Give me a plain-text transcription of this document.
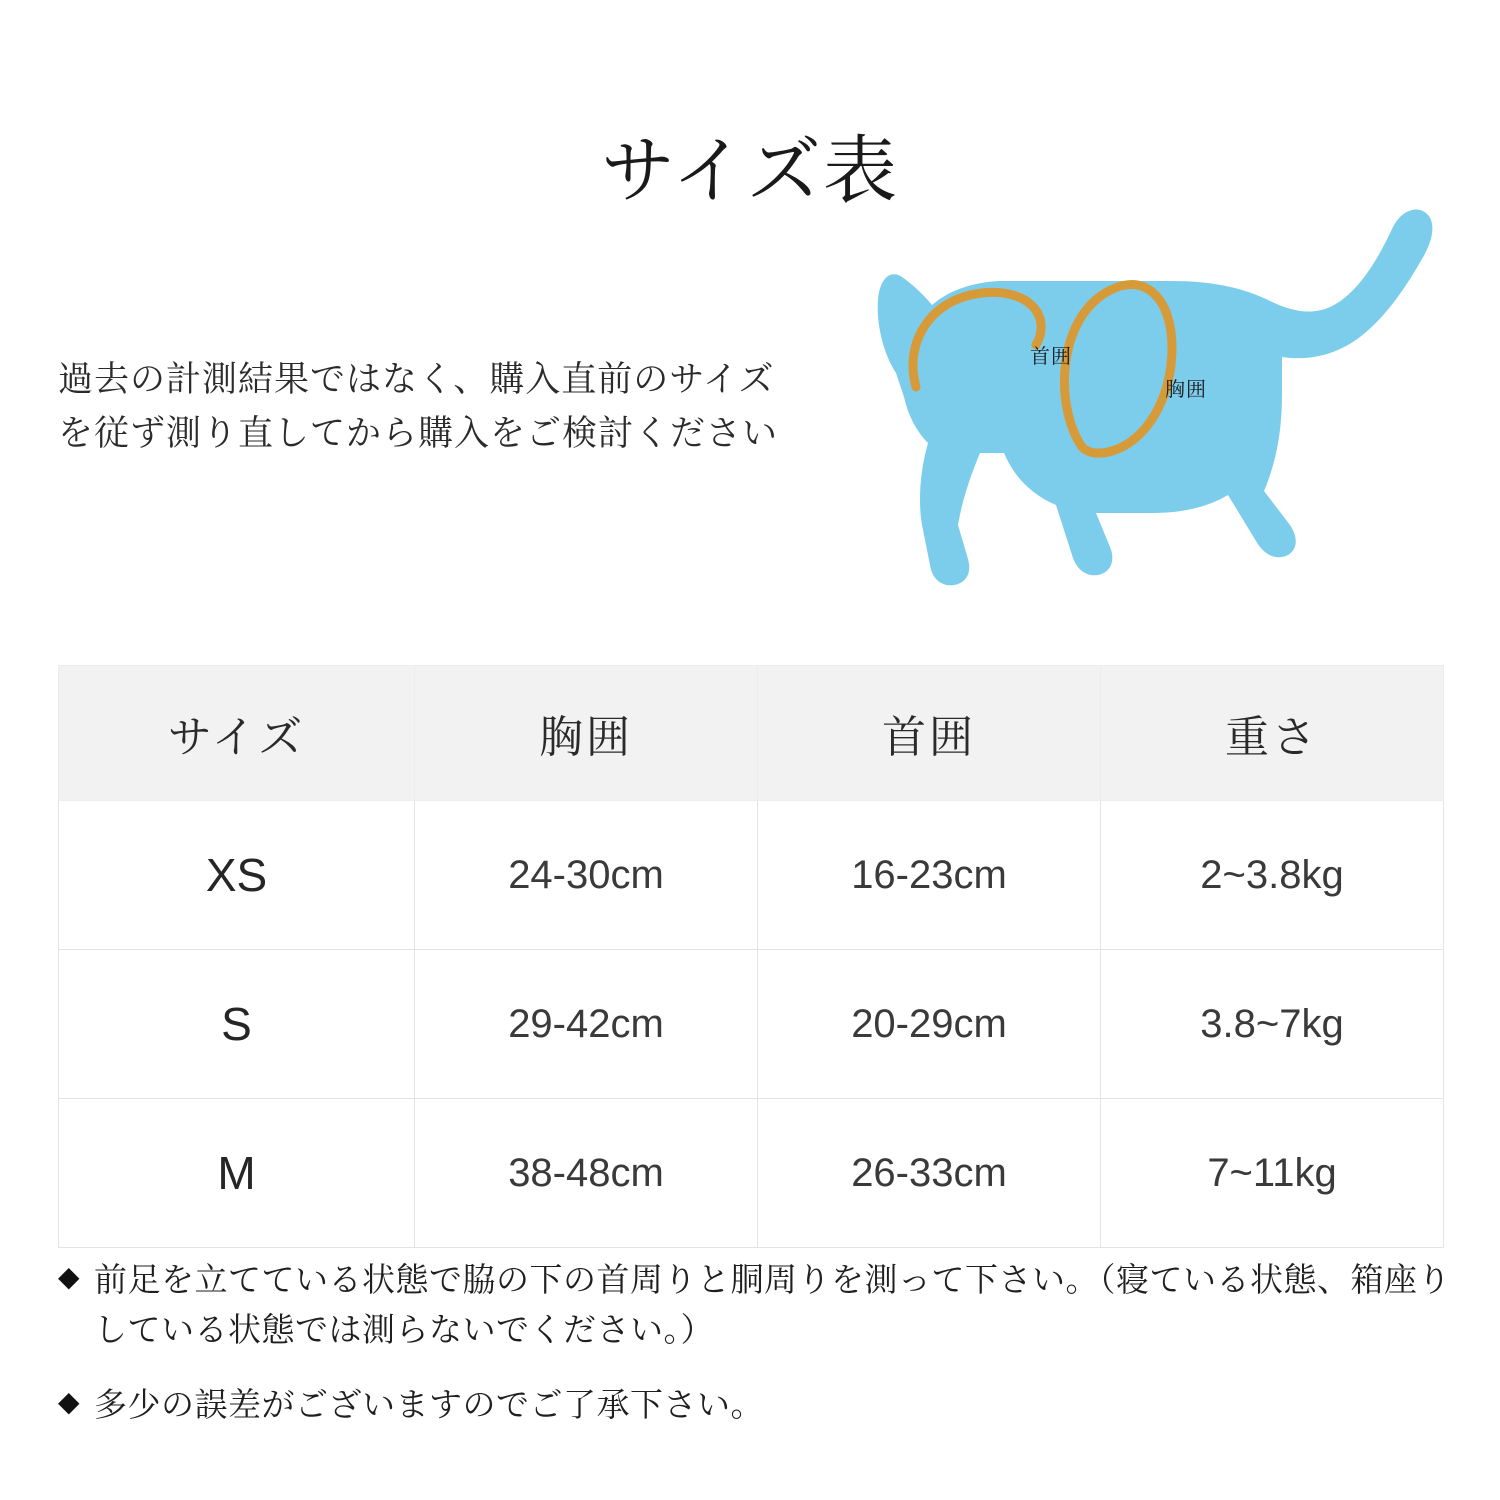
サイズ表

過去の計測結果ではなく、購入直前のサイズを従ず測り直してから購入をご検討ください

首囲
胸囲
サイズ	胸囲	首囲	重さ
XS	24-30cm	16-23cm	2~3.8kg
S	29-42cm	20-29cm	3.8~7kg
M	38-48cm	26-33cm	7~11kg
◆ 前足を立てている状態で脇の下の首周りと胴周りを測って下さい。（寝ている状態、箱座りしている状態では測らないでください。）
◆ 多少の誤差がございますのでご了承下さい。
